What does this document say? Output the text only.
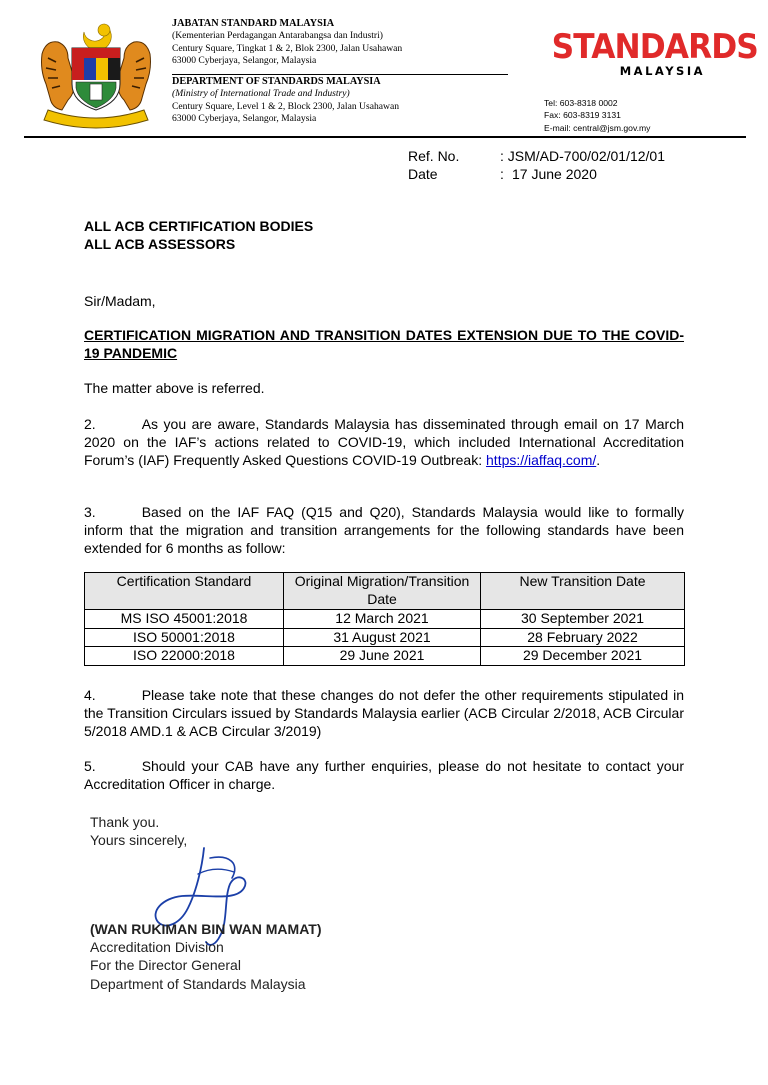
JABATAN STANDARD MALAYSIA
(Kementerian Perdagangan Antarabangsa dan Industri)
Century Square, Tingkat 1 & 2, Blok 2300, Jalan Usahawan
63000 Cyberjaya, Selangor, Malaysia
DEPARTMENT OF STANDARDS MALAYSIA
(Ministry of International Trade and Industry)
Century Square, Level 1 & 2, Block 2300, Jalan Usahawan
63000 Cyberjaya, Selangor, Malaysia
STANDARDS
MALAYSIA
Tel: 603-8318 0002
Fax: 603-8319 3131
E-mail: central@jsm.gov.my
Ref. No.	: JSM/AD-700/02/01/12/01
Date	: 17 June 2020
ALL ACB CERTIFICATION BODIES
ALL ACB ASSESSORS
Sir/Madam,
CERTIFICATION MIGRATION AND TRANSITION DATES EXTENSION DUE TO THE COVID-19 PANDEMIC
The matter above is referred.
2.	As you are aware, Standards Malaysia has disseminated through email on 17 March 2020 on the IAF’s actions related to COVID-19, which included International Accreditation Forum’s (IAF) Frequently Asked Questions COVID-19 Outbreak: https://iaffaq.com/.
3.	Based on the IAF FAQ (Q15 and Q20), Standards Malaysia would like to formally inform that the migration and transition arrangements for the following standards have been extended for 6 months as follow:
Certification Standard	Original Migration/Transition Date	New Transition Date
MS ISO 45001:2018	12 March 2021	30 September 2021
ISO 50001:2018	31 August 2021	28 February 2022
ISO 22000:2018	29 June 2021	29 December 2021
4.	Please take note that these changes do not defer the other requirements stipulated in the Transition Circulars issued by Standards Malaysia earlier (ACB Circular 2/2018, ACB Circular 5/2018 AMD.1 & ACB Circular 3/2019)
5.	Should your CAB have any further enquiries, please do not hesitate to contact your Accreditation Officer in charge.
Thank you.
Yours sincerely,
(WAN RUKIMAN BIN WAN MAMAT)
Accreditation Division
For the Director General
Department of Standards Malaysia
